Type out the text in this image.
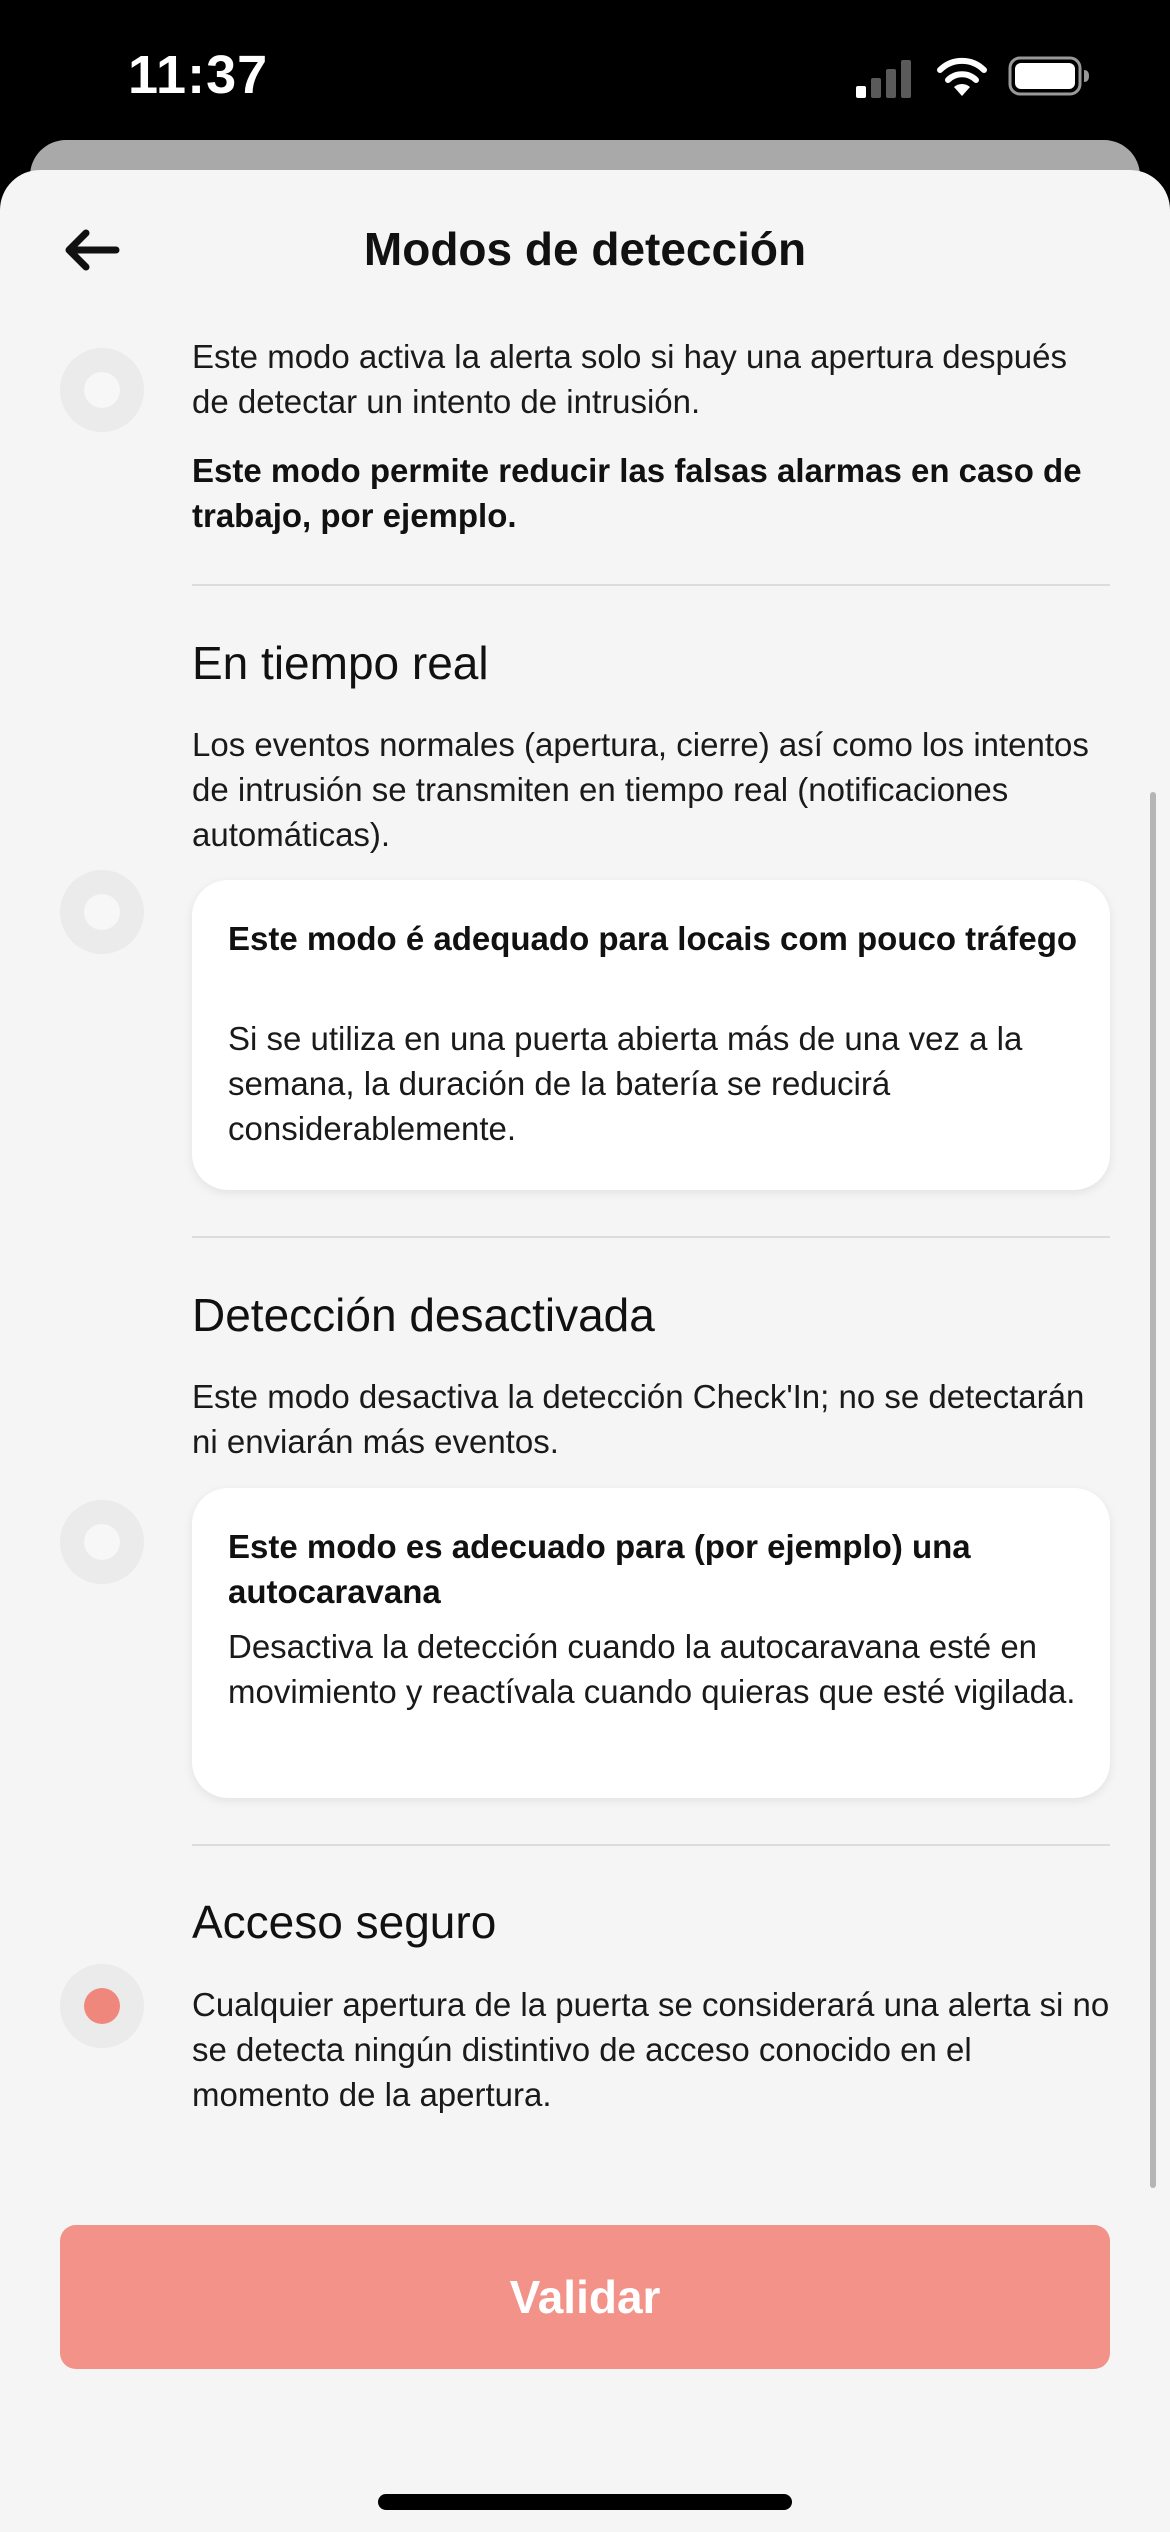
11:37
Modos de detección
Este modo activa la alerta solo si hay una apertura después de detectar un intento de intrusión.
Este modo permite reducir las falsas alarmas en caso de trabajo, por ejemplo.
En tiempo real
Los eventos normales (apertura, cierre) así como los intentos de intrusión se transmiten en tiempo real (notificaciones automáticas).
Este modo é adequado para locais com pouco tráfego
Si se utiliza en una puerta abierta más de una vez a la semana, la duración de la batería se reducirá considerablemente.
Detección desactivada
Este modo desactiva la detección Check'In; no se detectarán ni enviarán más eventos.
Este modo es adecuado para (por ejemplo) una autocaravana
Desactiva la detección cuando la autocaravana esté en movimiento y reactívala cuando quieras que esté vigilada.
Acceso seguro
Cualquier apertura de la puerta se considerará una alerta si no se detecta ningún distintivo de acceso conocido en el momento de la apertura.
Validar
